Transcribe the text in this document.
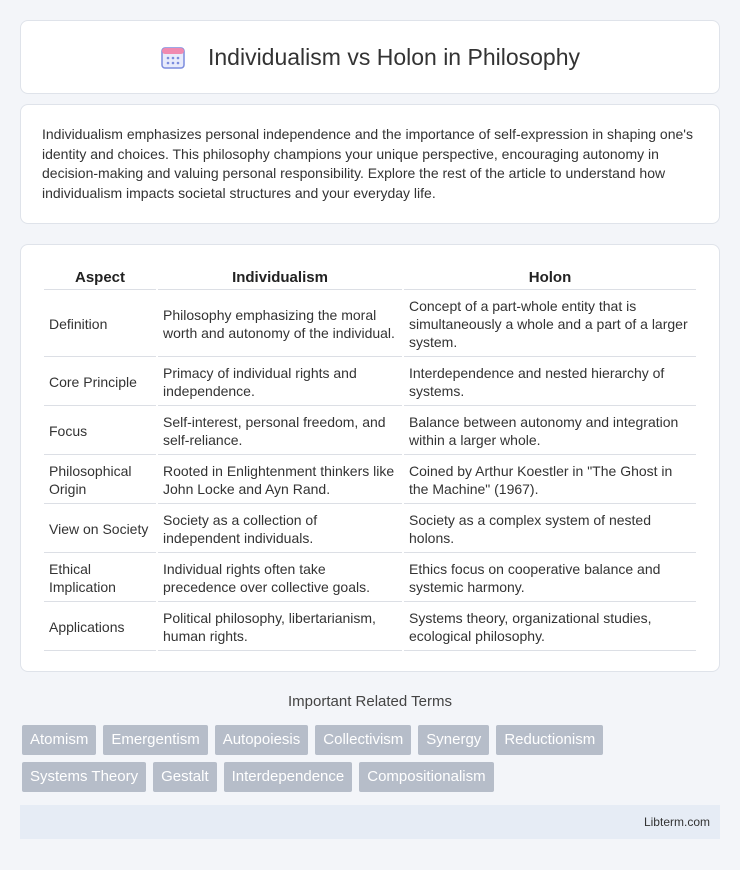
Individualism vs Holon in Philosophy

Individualism emphasizes personal independence and the importance of self-expression in shaping one's identity and choices. This philosophy champions your unique perspective, encouraging autonomy in decision-making and valuing personal responsibility. Explore the rest of the article to understand how individualism impacts societal structures and your everyday life.

Aspect	Individualism	Holon
Definition	Philosophy emphasizing the moral worth and autonomy of the individual.	Concept of a part-whole entity that is simultaneously a whole and a part of a larger system.
Core Principle	Primacy of individual rights and independence.	Interdependence and nested hierarchy of systems.
Focus	Self-interest, personal freedom, and self-reliance.	Balance between autonomy and integration within a larger whole.
Philosophical Origin	Rooted in Enlightenment thinkers like John Locke and Ayn Rand.	Coined by Arthur Koestler in "The Ghost in the Machine" (1967).
View on Society	Society as a collection of independent individuals.	Society as a complex system of nested holons.
Ethical Implication	Individual rights often take precedence over collective goals.	Ethics focus on cooperative balance and systemic harmony.
Applications	Political philosophy, libertarianism, human rights.	Systems theory, organizational studies, ecological philosophy.
Important Related Terms
Atomism	Emergentism	Autopoiesis	Collectivism	Synergy	Reductionism
Systems Theory	Gestalt	Interdependence	Compositionalism
Libterm.com
